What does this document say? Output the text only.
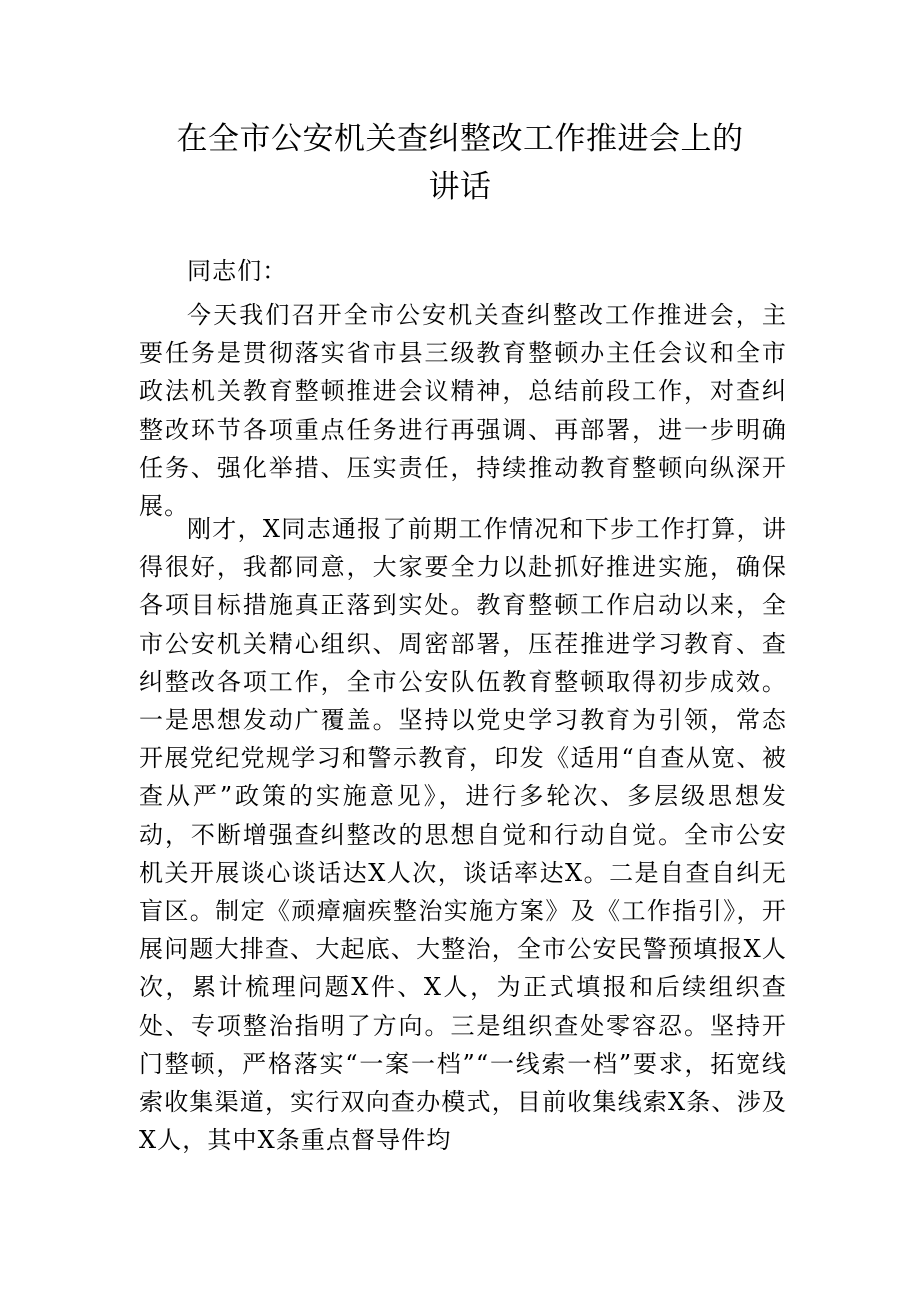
在全市公安机关查纠整改工作推进会上的
讲话

同志们：

今天我们召开全市公安机关查纠整改工作推进会，主要任务是贯彻落实省市县三级教育整顿办主任会议和全市政法机关教育整顿推进会议精神，总结前段工作，对查纠整改环节各项重点任务进行再强调、再部署，进一步明确任务、强化举措、压实责任，持续推动教育整顿向纵深开展。

刚才，X同志通报了前期工作情况和下步工作打算，讲得很好，我都同意，大家要全力以赴抓好推进实施，确保各项目标措施真正落到实处。教育整顿工作启动以来，全市公安机关精心组织、周密部署，压茬推进学习教育、查纠整改各项工作，全市公安队伍教育整顿取得初步成效。一是思想发动广覆盖。坚持以党史学习教育为引领，常态开展党纪党规学习和警示教育，印发《适用“自查从宽、被查从严”政策的实施意见》，进行多轮次、多层级思想发动，不断增强查纠整改的思想自觉和行动自觉。全市公安机关开展谈心谈话达X人次，谈话率达X。二是自查自纠无盲区。制定《顽瘴痼疾整治实施方案》及《工作指引》，开展问题大排查、大起底、大整治，全市公安民警预填报X人次，累计梳理问题X件、X人，为正式填报和后续组织查处、专项整治指明了方向。三是组织查处零容忍。坚持开门整顿，严格落实“一案一档”“一线索一档”要求，拓宽线索收集渠道，实行双向查办模式，目前收集线索X条、涉及X人，其中X条重点督导件均
